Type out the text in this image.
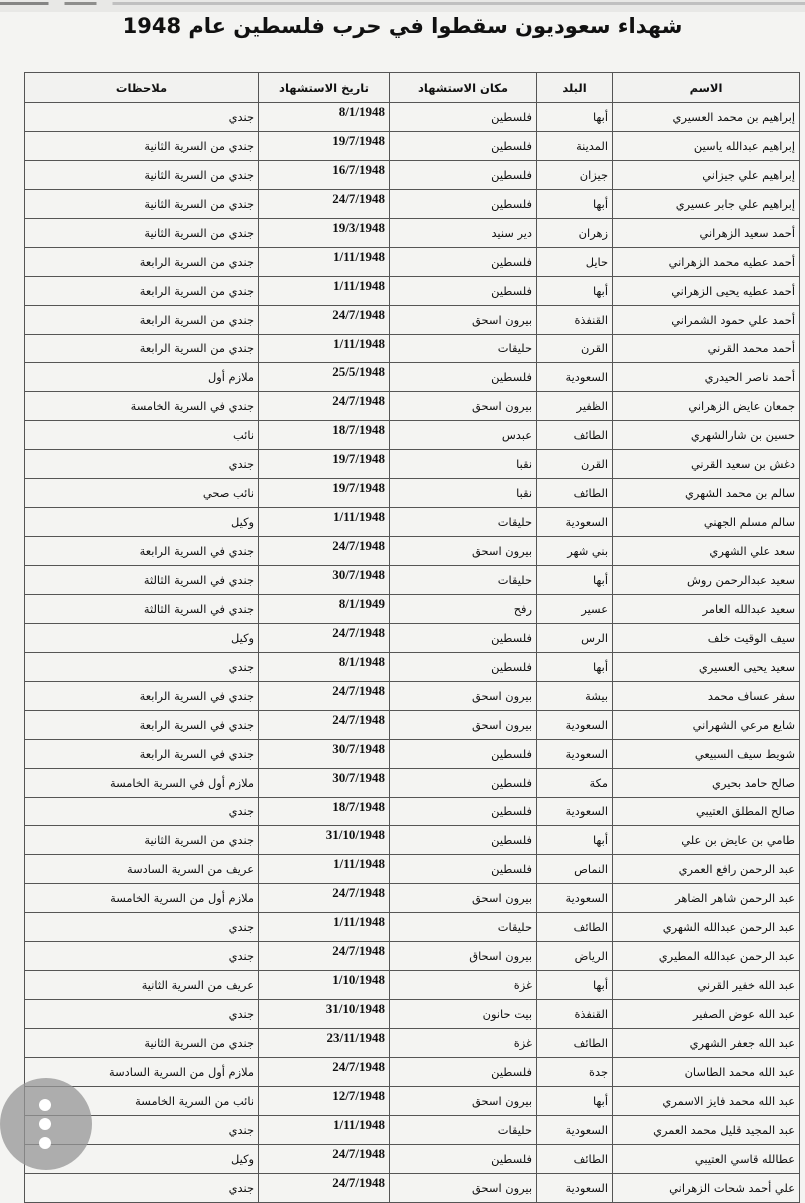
شهداء سعوديون سقطوا في حرب فلسطين عام 1948
الاسم	البلد	مكان الاستشهاد	تاريخ الاستشهاد	ملاحظات
إبراهيم بن محمد العسيري	أبها	فلسطين	8/1/1948	جندي
إبراهيم عبدالله ياسين	المدينة	فلسطين	19/7/1948	جندي من السرية الثانية
إبراهيم علي جيزاني	جيزان	فلسطين	16/7/1948	جندي من السرية الثانية
إبراهيم علي جابر عسيري	أبها	فلسطين	24/7/1948	جندي من السرية الثانية
أحمد سعيد الزهراني	زهران	دير سنيد	19/3/1948	جندي من السرية الثانية
أحمد عطيه محمد الزهراني	حايل	فلسطين	1/11/1948	جندي من السرية الرابعة
أحمد عطيه يحيى الزهراني	أبها	فلسطين	1/11/1948	جندي من السرية الرابعة
أحمد علي حمود الشمراني	القنفذة	بيرون اسحق	24/7/1948	جندي من السرية الرابعة
أحمد محمد القرني	القرن	حليقات	1/11/1948	جندي من السرية الرابعة
أحمد ناصر الحيدري	السعودية	فلسطين	25/5/1948	ملازم أول
جمعان عايض الزهراني	الظفير	بيرون اسحق	24/7/1948	جندي في السرية الخامسة
حسين بن شارالشهري	الطائف	عبدس	18/7/1948	نائب
دغش بن سعيد القرني	القرن	نقبا	19/7/1948	جندي
سالم بن محمد الشهري	الطائف	نقبا	19/7/1948	نائب صحي
سالم مسلم الجهني	السعودية	حليقات	1/11/1948	وكيل
سعد علي الشهري	بني شهر	بيرون اسحق	24/7/1948	جندي في السرية الرابعة
سعيد عبدالرحمن روش	أبها	حليقات	30/7/1948	جندي في السرية الثالثة
سعيد عبدالله العامر	عسير	رفح	8/1/1949	جندي في السرية الثالثة
سيف الوقيت خلف	الرس	فلسطين	24/7/1948	وكيل
سعيد يحيى العسيري	أبها	فلسطين	8/1/1948	جندي
سفر عساف محمد	بيشة	بيرون اسحق	24/7/1948	جندي في السرية الرابعة
شايع مرعي الشهراني	السعودية	بيرون اسحق	24/7/1948	جندي في السرية الرابعة
شويط سيف السبيعي	السعودية	فلسطين	30/7/1948	جندي في السرية الرابعة
صالح حامد بحيري	مكة	فلسطين	30/7/1948	ملازم أول في السرية الخامسة
صالح المطلق العتيبي	السعودية	فلسطين	18/7/1948	جندي
طامي بن عايض بن علي	أبها	فلسطين	31/10/1948	جندي من السرية الثانية
عبد الرحمن رافع العمري	النماص	فلسطين	1/11/1948	عريف من السرية السادسة
عبد الرحمن شاهر الضاهر	السعودية	بيرون اسحق	24/7/1948	ملازم أول من السرية الخامسة
عبد الرحمن عبدالله الشهري	الطائف	حليقات	1/11/1948	جندي
عبد الرحمن عبدالله المطيري	الرياض	بيرون اسحاق	24/7/1948	جندي
عبد الله خفير القرني	أبها	غزة	1/10/1948	عريف من السرية الثانية
عبد الله عوض الصفير	القنفذة	بيت حانون	31/10/1948	جندي
عبد الله جعفر الشهري	الطائف	غزة	23/11/1948	جندي من السرية الثانية
عبد الله محمد الطاسان	جدة	فلسطين	24/7/1948	ملازم أول من السرية السادسة
عبد الله محمد فايز الاسمري	أبها	بيرون اسحق	12/7/1948	نائب من السرية الخامسة
عبد المجيد قليل محمد العمري	السعودية	حليقات	1/11/1948	جندي
عطالله قاسي العتيبي	الطائف	فلسطين	24/7/1948	وكيل
علي أحمد شحات الزهراني	السعودية	بيرون اسحق	24/7/1948	جندي
